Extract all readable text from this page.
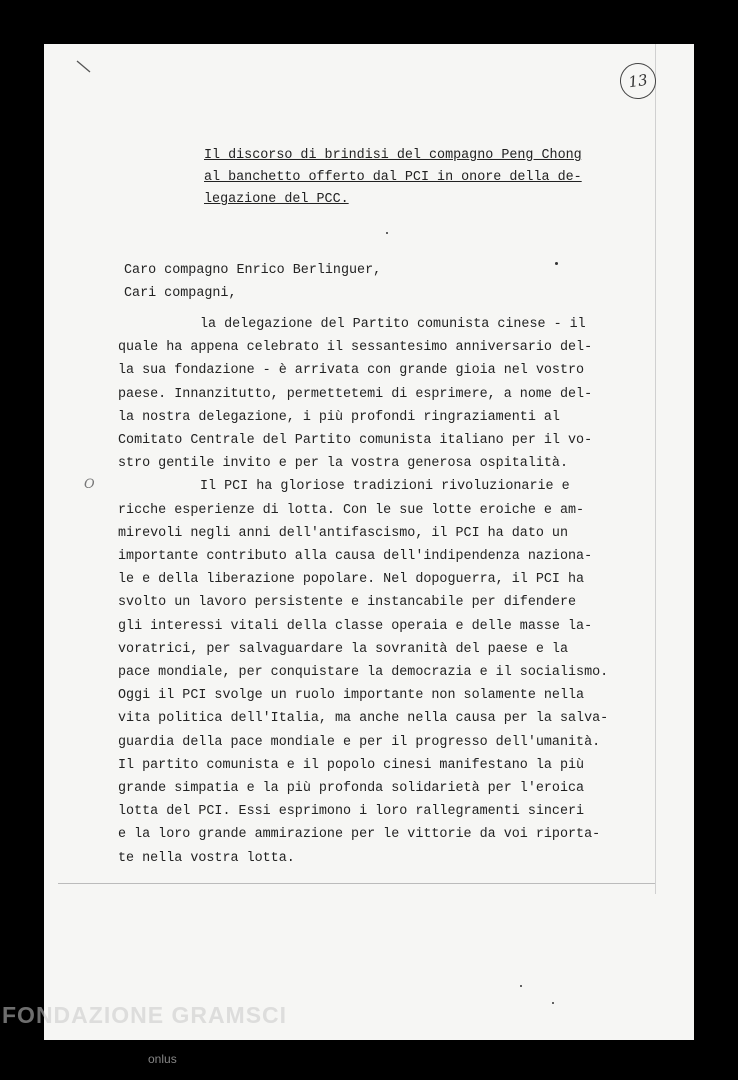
13
Il discorso di brindisi del compagno Peng Chong
al banchetto offerto dal PCI in onore della de-
legazione del PCC.
Caro compagno Enrico Berlinguer,
Cari compagni,
O
la delegazione del Partito comunista cinese - il
quale ha appena celebrato il sessantesimo anniversario del-
la sua fondazione - è arrivata con grande gioia nel vostro
paese. Innanzitutto, permettetemi di esprimere, a nome del-
la nostra delegazione, i più profondi ringraziamenti al
Comitato Centrale del Partito comunista italiano per il vo-
stro gentile invito e per la vostra generosa ospitalità.
Il PCI ha gloriose tradizioni rivoluzionarie e
ricche esperienze di lotta. Con le sue lotte eroiche e am-
mirevoli negli anni dell'antifascismo, il PCI ha dato un
importante contributo alla causa dell'indipendenza naziona-
le e della liberazione popolare. Nel dopoguerra, il PCI ha
svolto un lavoro persistente e instancabile per difendere
gli interessi vitali della classe operaia e delle masse la-
voratrici, per salvaguardare la sovranità del paese e la
pace mondiale, per conquistare la democrazia e il socialismo.
Oggi il PCI svolge un ruolo importante non solamente nella
vita politica dell'Italia, ma anche nella causa per la salva-
guardia della pace mondiale e per il progresso dell'umanità.
Il partito comunista e il popolo cinesi manifestano la più
grande simpatia e la più profonda solidarietà per l'eroica
lotta del PCI. Essi esprimono i loro rallegramenti sinceri
e la loro grande ammirazione per le vittorie da voi riporta-
te nella vostra lotta.
FONDAZIONE GRAMSCI
onlus
